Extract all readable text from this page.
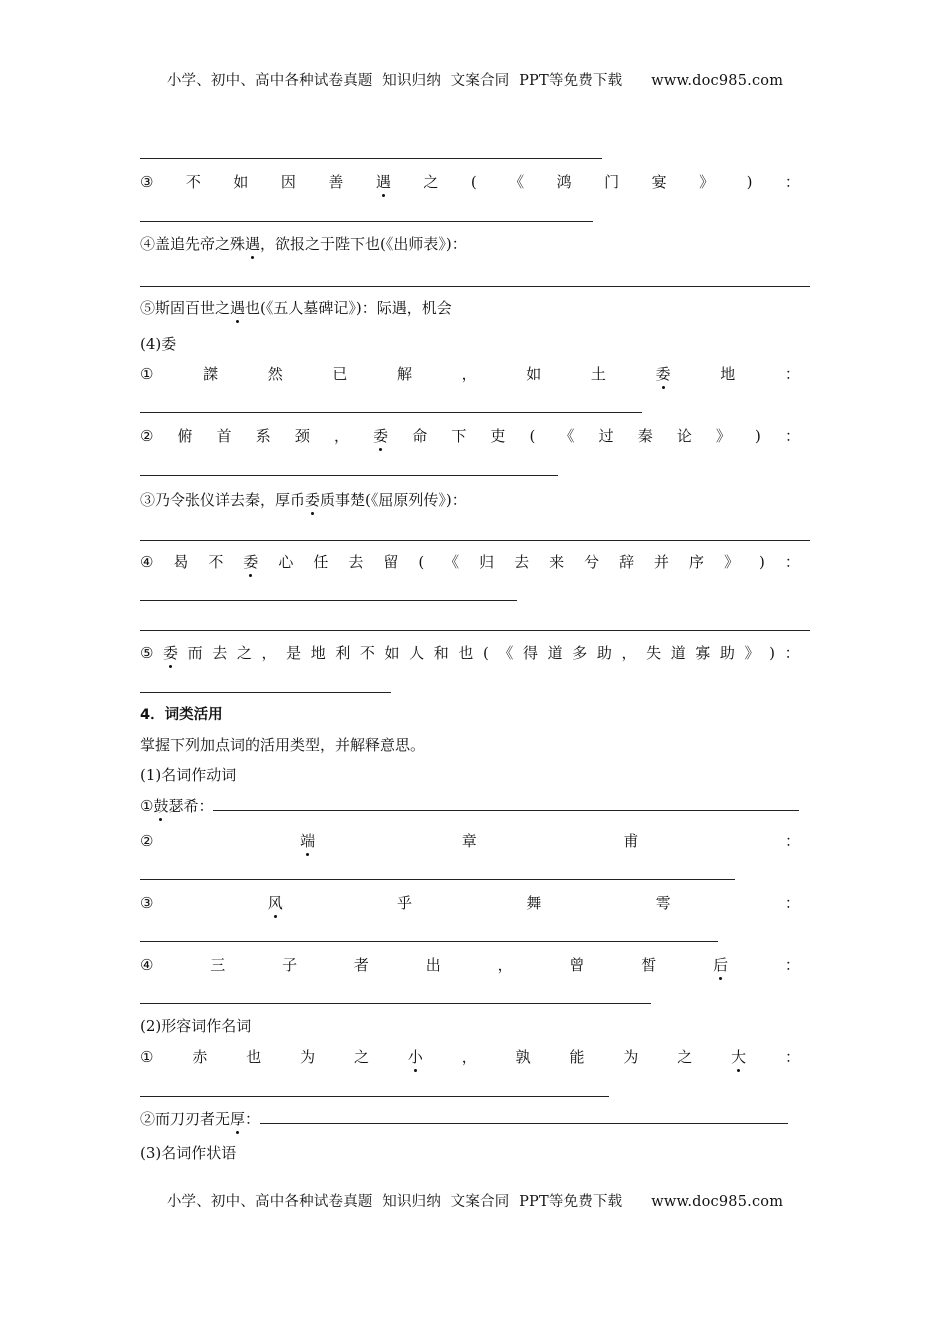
小学、初中、高中各种试卷真题  知识归纳  文案合同  PPT等免费下载      www.doc985.com
③ 不 如 因 善 遇 之 ( 《 鸿 门 宴 》 ) ：
④盖追先帝之殊遇，欲报之于陛下也(《出师表》)：
⑤斯固百世之遇也(《五人墓碑记》)：际遇，机会
(4)委
①	謋	然	已	解	，	如	土	委	地	：
② 俯 首 系 颈 ， 委 命 下 吏 ( 《 过 秦 论 》 ) ：
③乃令张仪详去秦，厚币委质事楚(《屈原列传》)：
④ 曷 不 委 心 任 去 留 ( 《 归 去 来 兮 辞 并 序 》 ) ：
⑤ 委 而 去 之 ， 是 地 利 不 如 人 和 也 ( 《 得 道 多 助 ， 失 道 寡 助 》 ) ：
4．词类活用
掌握下列加点词的活用类型，并解释意思。
(1)名词作动词
①鼓瑟希：
②	端	章	甫	：
③	风	乎	舞	雩	：
④	三	子	者	出	，	曾	皙	后	：
(2)形容词作名词
①	赤	也	为	之	小	，	孰	能	为	之	大	：
②而刀刃者无厚：
(3)名词作状语
小学、初中、高中各种试卷真题  知识归纳  文案合同  PPT等免费下载      www.doc985.com
